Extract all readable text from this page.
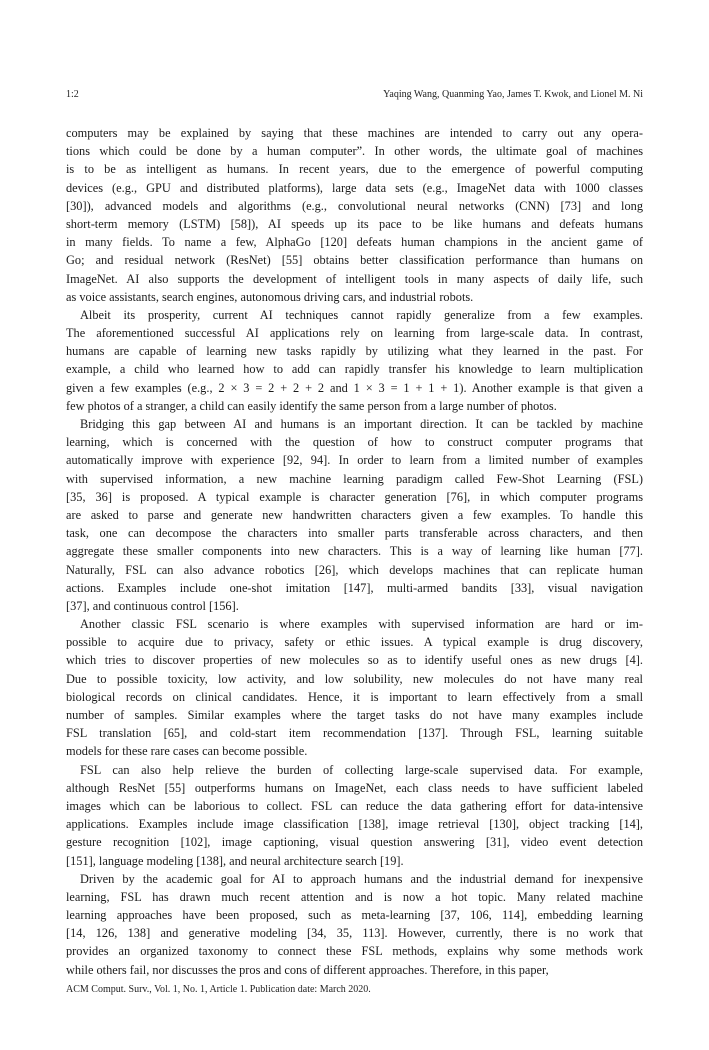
1:2	Yaqing Wang, Quanming Yao, James T. Kwok, and Lionel M. Ni
computers may be explained by saying that these machines are intended to carry out any opera-
tions which could be done by a human computer”. In other words, the ultimate goal of machines
is to be as intelligent as humans. In recent years, due to the emergence of powerful computing
devices (e.g., GPU and distributed platforms), large data sets (e.g., ImageNet data with 1000 classes
[30]), advanced models and algorithms (e.g., convolutional neural networks (CNN) [73] and long
short-term memory (LSTM) [58]), AI speeds up its pace to be like humans and defeats humans
in many fields. To name a few, AlphaGo [120] defeats human champions in the ancient game of
Go; and residual network (ResNet) [55] obtains better classification performance than humans on
ImageNet. AI also supports the development of intelligent tools in many aspects of daily life, such
as voice assistants, search engines, autonomous driving cars, and industrial robots.
Albeit its prosperity, current AI techniques cannot rapidly generalize from a few examples.
The aforementioned successful AI applications rely on learning from large-scale data. In contrast,
humans are capable of learning new tasks rapidly by utilizing what they learned in the past. For
example, a child who learned how to add can rapidly transfer his knowledge to learn multiplication
given a few examples (e.g., 2 × 3 = 2 + 2 + 2 and 1 × 3 = 1 + 1 + 1). Another example is that given a
few photos of a stranger, a child can easily identify the same person from a large number of photos.
Bridging this gap between AI and humans is an important direction. It can be tackled by machine
learning, which is concerned with the question of how to construct computer programs that
automatically improve with experience [92, 94]. In order to learn from a limited number of examples
with supervised information, a new machine learning paradigm called Few-Shot Learning (FSL)
[35, 36] is proposed. A typical example is character generation [76], in which computer programs
are asked to parse and generate new handwritten characters given a few examples. To handle this
task, one can decompose the characters into smaller parts transferable across characters, and then
aggregate these smaller components into new characters. This is a way of learning like human [77].
Naturally, FSL can also advance robotics [26], which develops machines that can replicate human
actions. Examples include one-shot imitation [147], multi-armed bandits [33], visual navigation
[37], and continuous control [156].
Another classic FSL scenario is where examples with supervised information are hard or im-
possible to acquire due to privacy, safety or ethic issues. A typical example is drug discovery,
which tries to discover properties of new molecules so as to identify useful ones as new drugs [4].
Due to possible toxicity, low activity, and low solubility, new molecules do not have many real
biological records on clinical candidates. Hence, it is important to learn effectively from a small
number of samples. Similar examples where the target tasks do not have many examples include
FSL translation [65], and cold-start item recommendation [137]. Through FSL, learning suitable
models for these rare cases can become possible.
FSL can also help relieve the burden of collecting large-scale supervised data. For example,
although ResNet [55] outperforms humans on ImageNet, each class needs to have sufficient labeled
images which can be laborious to collect. FSL can reduce the data gathering effort for data-intensive
applications. Examples include image classification [138], image retrieval [130], object tracking [14],
gesture recognition [102], image captioning, visual question answering [31], video event detection
[151], language modeling [138], and neural architecture search [19].
Driven by the academic goal for AI to approach humans and the industrial demand for inexpensive
learning, FSL has drawn much recent attention and is now a hot topic. Many related machine
learning approaches have been proposed, such as meta-learning [37, 106, 114], embedding learning
[14, 126, 138] and generative modeling [34, 35, 113]. However, currently, there is no work that
provides an organized taxonomy to connect these FSL methods, explains why some methods work
while others fail, nor discusses the pros and cons of different approaches. Therefore, in this paper,
ACM Comput. Surv., Vol. 1, No. 1, Article 1. Publication date: March 2020.
